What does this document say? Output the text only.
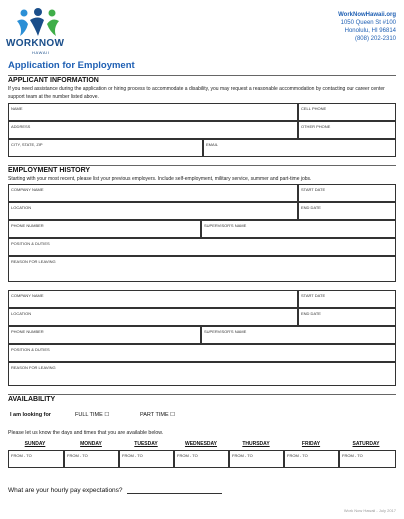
WORKNOW
HAWAII
WorkNowHawaii.org
1050 Queen St #100
Honolulu, HI 96814
(808) 202-2310
Application for Employment
APPLICANT INFORMATION
If you need assistance during the application or hiring process to accommodate a disability, you may request a reasonable accommodation by contacting our career center support team at the number listed above.
NAME	CELL PHONE
ADDRESS	OTHER PHONE
CITY, STATE, ZIP	EMAIL
EMPLOYMENT HISTORY
Starting with your most recent, please list your previous employers. Include self-employment, military service, summer and part-time jobs.
COMPANY NAME	START DATE
LOCATION	END DATE
PHONE NUMBER	SUPERVISOR'S NAME
POSITION & DUTIES
REASON FOR LEAVING
COMPANY NAME	START DATE
LOCATION	END DATE
PHONE NUMBER	SUPERVISOR'S NAME
POSITION & DUTIES
REASON FOR LEAVING
AVAILABILITY
I am looking for	FULL TIME ☐	PART TIME ☐
Please let us know the days and times that you are available below.
SUNDAY	MONDAY	TUESDAY	WEDNESDAY	THURSDAY	FRIDAY	SATURDAY
FROM - TO	FROM - TO	FROM - TO	FROM - TO	FROM - TO	FROM - TO	FROM - TO
What are your hourly pay expectations?
Work Now Hawaii - July 2017
